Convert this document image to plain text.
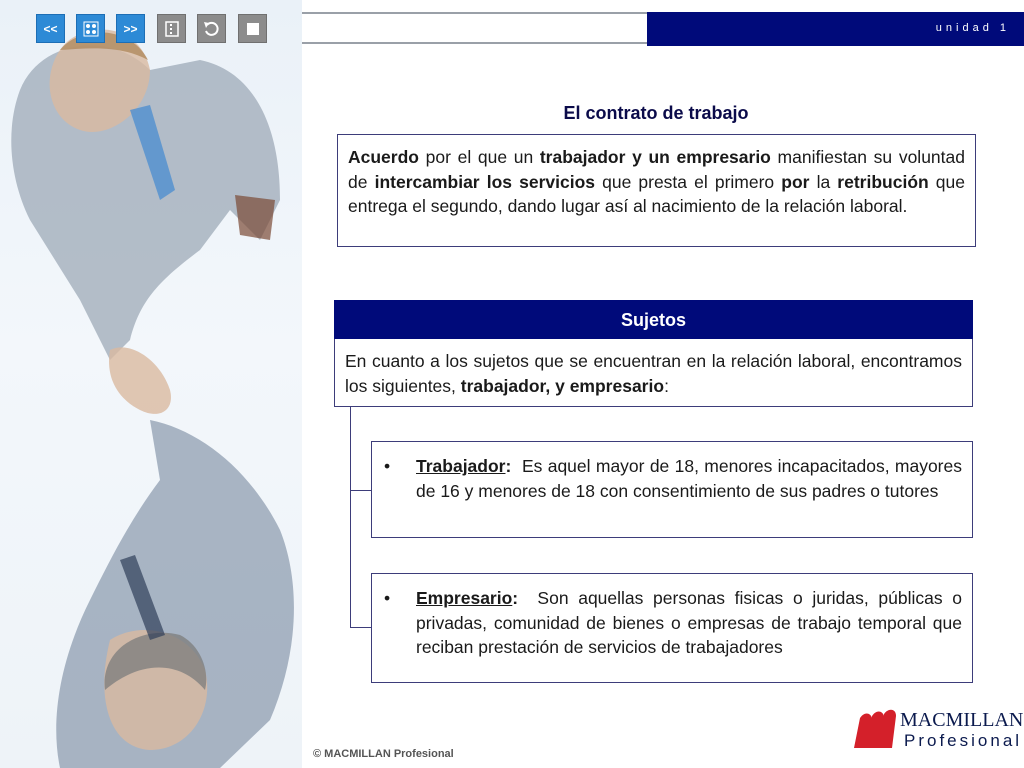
unidad 1
<<	>>
El contrato de trabajo
Acuerdo por el que un trabajador y un empresario manifiestan su voluntad de intercambiar los servicios que presta el primero por la retribución que entrega el segundo, dando lugar así al nacimiento de la relación laboral.
Sujetos
En cuanto a los sujetos que se encuentran en la relación laboral, encontramos los siguientes, trabajador, y empresario:
•	Trabajador:  Es aquel mayor de 18, menores incapacitados, mayores de 16 y menores de 18 con consentimiento de sus padres o tutores
•	Empresario:  Son aquellas personas fisicas o juridas, públicas o privadas, comunidad de bienes o empresas de trabajo temporal que reciban prestación de servicios de trabajadores
© MACMILLAN Profesional
MACMILLAN
Profesional
